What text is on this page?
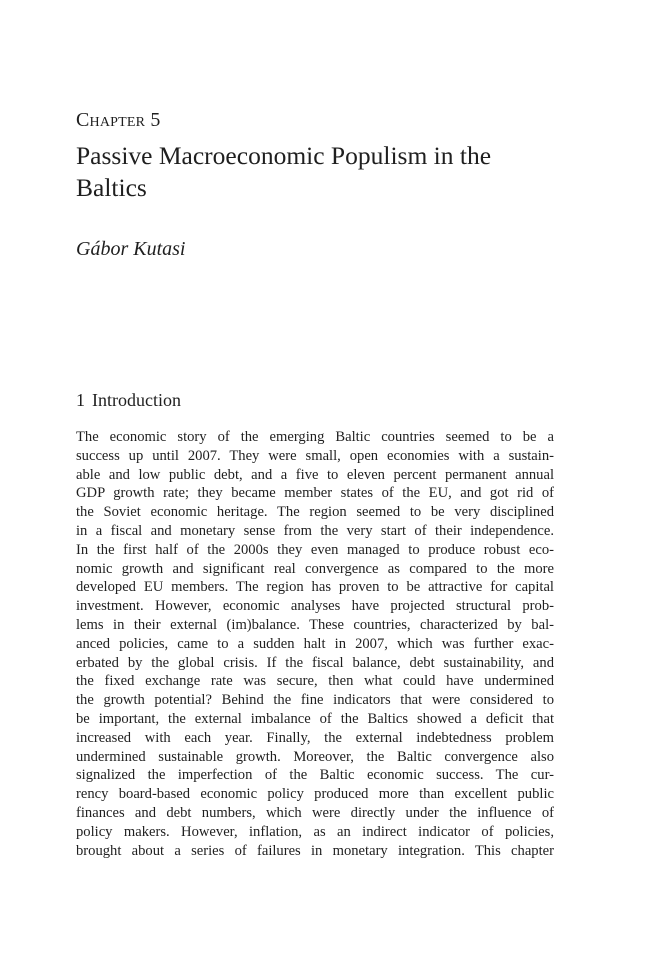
Chapter 5
Passive Macroeconomic Populism in the
Baltics
Gábor Kutasi
1 Introduction
The economic story of the emerging Baltic countries seemed to be a
success up until 2007. They were small, open economies with a sustain-
able and low public debt, and a five to eleven percent permanent annual
GDP growth rate; they became member states of the EU, and got rid of
the Soviet economic heritage. The region seemed to be very disciplined
in a fiscal and monetary sense from the very start of their independence.
In the first half of the 2000s they even managed to produce robust eco-
nomic growth and significant real convergence as compared to the more
developed EU members. The region has proven to be attractive for capital
investment. However, economic analyses have projected structural prob-
lems in their external (im)balance. These countries, characterized by bal-
anced policies, came to a sudden halt in 2007, which was further exac-
erbated by the global crisis. If the fiscal balance, debt sustainability, and
the fixed exchange rate was secure, then what could have undermined
the growth potential? Behind the fine indicators that were considered to
be important, the external imbalance of the Baltics showed a deficit that
increased with each year. Finally, the external indebtedness problem
undermined sustainable growth. Moreover, the Baltic convergence also
signalized the imperfection of the Baltic economic success. The cur-
rency board-based economic policy produced more than excellent public
finances and debt numbers, which were directly under the influence of
policy makers. However, inflation, as an indirect indicator of policies,
brought about a series of failures in monetary integration. This chapter
